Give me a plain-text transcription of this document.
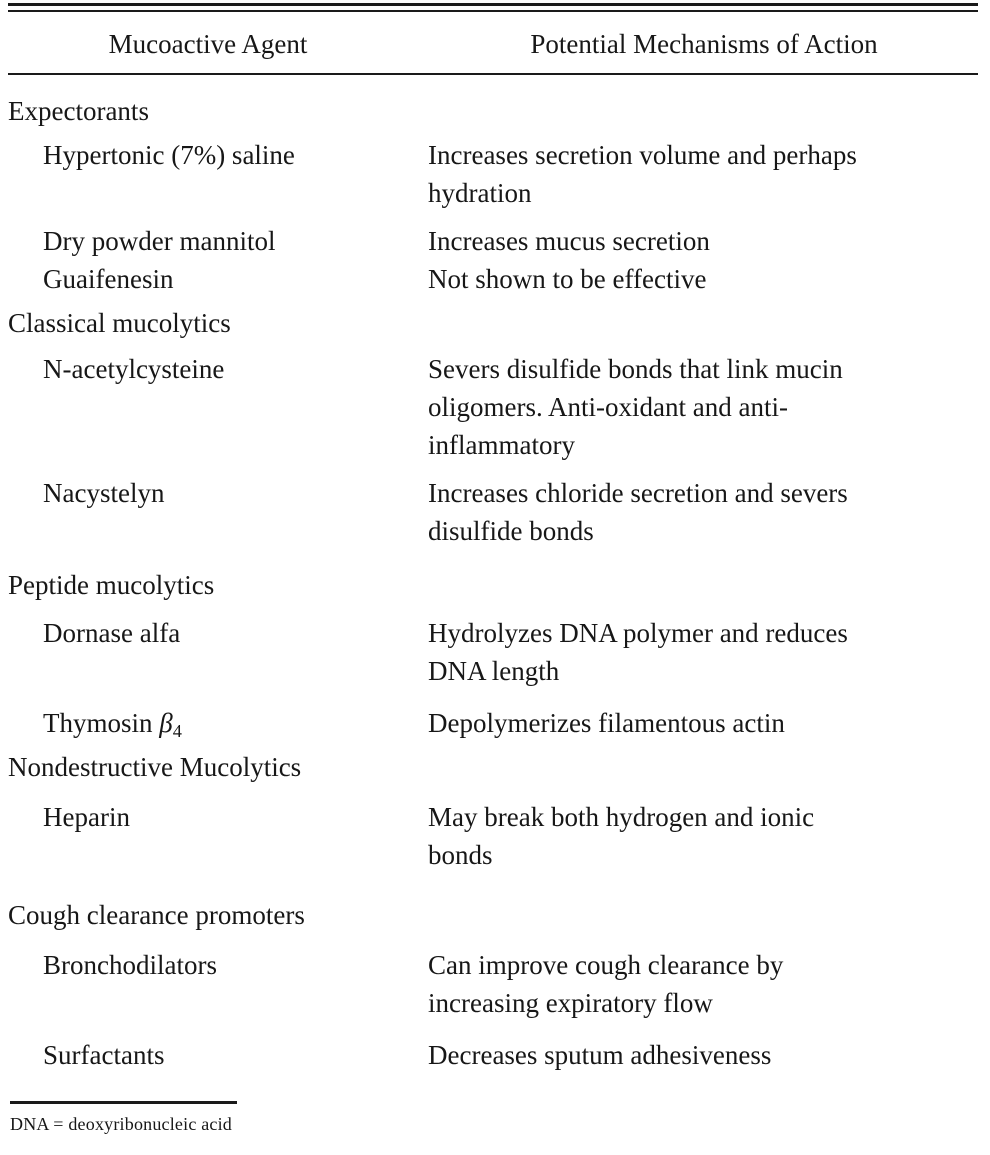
Mucoactive Agent	Potential Mechanisms of Action
Expectorants

Hypertonic (7%) saline	Increases secretion volume and perhaps
hydration
Dry powder mannitol	Increases mucus secretion
Guaifenesin	Not shown to be effective
Classical mucolytics

N-acetylcysteine	Severs disulfide bonds that link mucin
oligomers. Anti-oxidant and anti-
inflammatory
Nacystelyn	Increases chloride secretion and severs
disulfide bonds
Peptide mucolytics

Dornase alfa	Hydrolyzes DNA polymer and reduces
DNA length
Thymosin $\beta_4$	Depolymerizes filamentous actin
Nondestructive Mucolytics

Heparin	May break both hydrogen and ionic
bonds
Cough clearance promoters

Bronchodilators	Can improve cough clearance by
increasing expiratory flow
Surfactants	Decreases sputum adhesiveness
DNA = deoxyribonucleic acid
